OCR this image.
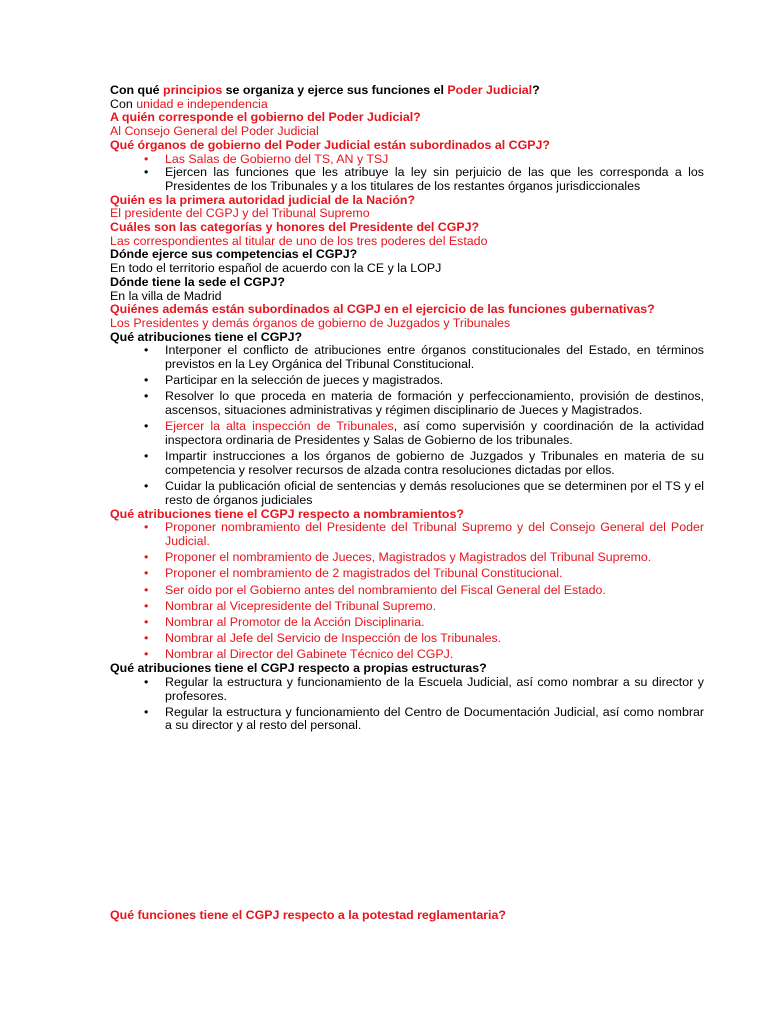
Con qué principios se organiza y ejerce sus funciones el Poder Judicial?
Con unidad e independencia
A quién corresponde el gobierno del Poder Judicial?
Al Consejo General del Poder Judicial
Qué órganos de gobierno del Poder Judicial están subordinados al CGPJ?
• Las Salas de Gobierno del TS, AN y TSJ
• Ejercen las funciones que les atribuye la ley sin perjuicio de las que les corresponda a los Presidentes de los Tribunales y a los titulares de los restantes órganos jurisdiccionales
Quién es la primera autoridad judicial de la Nación?
El presidente del CGPJ y del Tribunal Supremo
Cuáles son las categorías y honores del Presidente del CGPJ?
Las correspondientes al titular de uno de los tres poderes del Estado
Dónde ejerce sus competencias el CGPJ?
En todo el territorio español de acuerdo con la CE y la LOPJ
Dónde tiene la sede el CGPJ?
En la villa de Madrid
Quiénes además están subordinados al CGPJ en el ejercicio de las funciones gubernativas?
Los Presidentes y demás órganos de gobierno de Juzgados y Tribunales
Qué atribuciones tiene el CGPJ?
• Interponer el conflicto de atribuciones entre órganos constitucionales del Estado, en términos previstos en la Ley Orgánica del Tribunal Constitucional.
• Participar en la selección de jueces y magistrados.
• Resolver lo que proceda en materia de formación y perfeccionamiento, provisión de destinos, ascensos, situaciones administrativas y régimen disciplinario de Jueces y Magistrados.
• Ejercer la alta inspección de Tribunales, así como supervisión y coordinación de la actividad inspectora ordinaria de Presidentes y Salas de Gobierno de los tribunales.
• Impartir instrucciones a los órganos de gobierno de Juzgados y Tribunales en materia de su competencia y resolver recursos de alzada contra resoluciones dictadas por ellos.
• Cuidar la publicación oficial de sentencias y demás resoluciones que se determinen por el TS y el resto de órganos judiciales
Qué atribuciones tiene el CGPJ respecto a nombramientos?
• Proponer nombramiento del Presidente del Tribunal Supremo y del Consejo General del Poder Judicial.
• Proponer el nombramiento de Jueces, Magistrados y Magistrados del Tribunal Supremo.
• Proponer el nombramiento de 2 magistrados del Tribunal Constitucional.
• Ser oído por el Gobierno antes del nombramiento del Fiscal General del Estado.
• Nombrar al Vicepresidente del Tribunal Supremo.
• Nombrar al Promotor de la Acción Disciplinaria.
• Nombrar al Jefe del Servicio de Inspección de los Tribunales.
• Nombrar al Director del Gabinete Técnico del CGPJ.
Qué atribuciones tiene el CGPJ respecto a propias estructuras?
• Regular la estructura y funcionamiento de la Escuela Judicial, así como nombrar a su director y profesores.
• Regular la estructura y funcionamiento del Centro de Documentación Judicial, así como nombrar a su director y al resto del personal.
Qué funciones tiene el CGPJ respecto a la potestad reglamentaria?
